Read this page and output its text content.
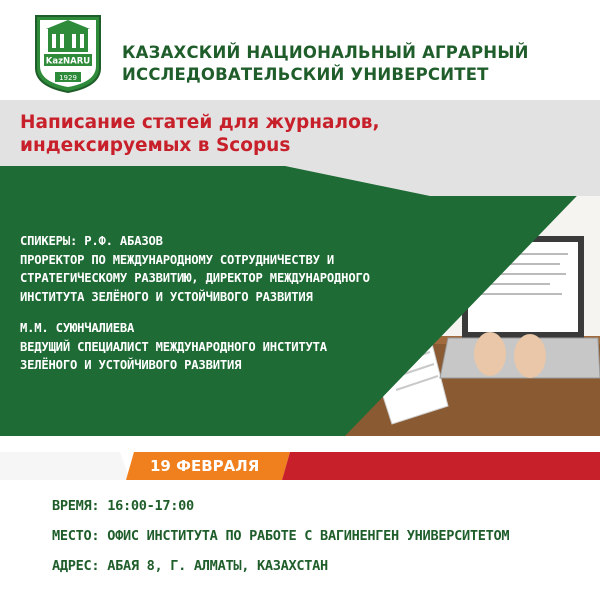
KazNARU
1929
КАЗАХСКИЙ НАЦИОНАЛЬНЫЙ АГРАРНЫЙ
ИССЛЕДОВАТЕЛЬСКИЙ УНИВЕРСИТЕТ
Написание статей для журналов,
индексируемых в Scopus
СПИКЕРЫ: Р.Ф. АБАЗОВ
ПРОРЕКТОР ПО МЕЖДУНАРОДНОМУ СОТРУДНИЧЕСТВУ И
СТРАТЕГИЧЕСКОМУ РАЗВИТИЮ, ДИРЕКТОР МЕЖДУНАРОДНОГО
ИНСТИТУТА ЗЕЛЁНОГО И УСТОЙЧИВОГО РАЗВИТИЯ
М.М. СУЮНЧАЛИЕВА
ВЕДУЩИЙ СПЕЦИАЛИСТ МЕЖДУНАРОДНОГО ИНСТИТУТА
ЗЕЛЁНОГО И УСТОЙЧИВОГО РАЗВИТИЯ
19 ФЕВРАЛЯ
ВРЕМЯ: 16:00-17:00
МЕСТО: ОФИС ИНСТИТУТА ПО РАБОТЕ С ВАГИНЕНГЕН УНИВЕРСИТЕТОМ
АДРЕС: АБАЯ 8, Г. АЛМАТЫ, КАЗАХСТАН
